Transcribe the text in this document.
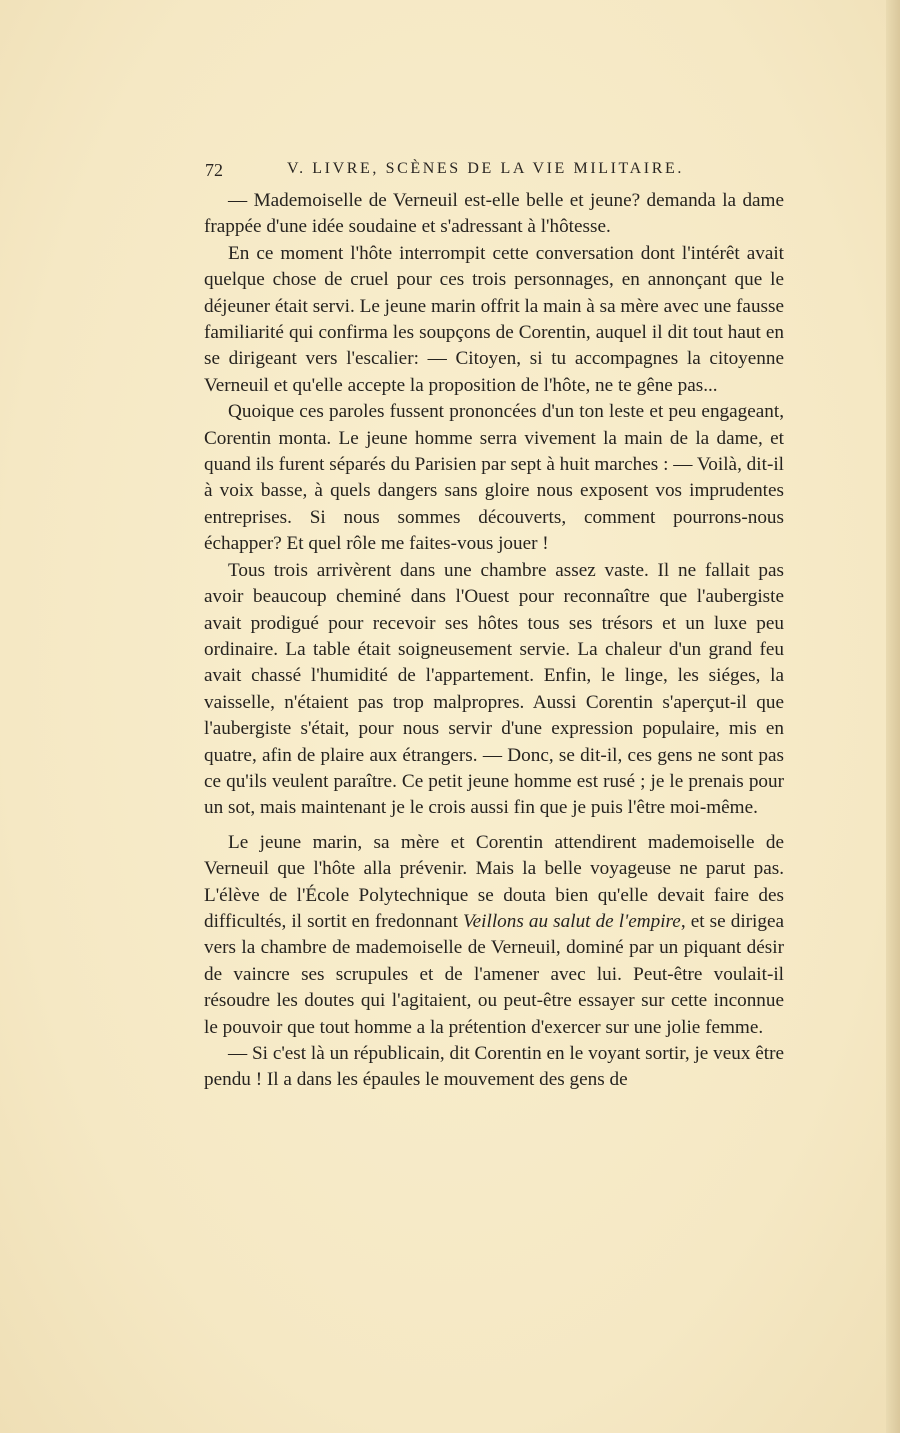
72	V. LIVRE, SCÈNES DE LA VIE MILITAIRE.

— Mademoiselle de Verneuil est-elle belle et jeune? demanda la dame frappée d'une idée soudaine et s'adressant à l'hôtesse.

En ce moment l'hôte interrompit cette conversation dont l'intérêt avait quelque chose de cruel pour ces trois personnages, en annonçant que le déjeuner était servi. Le jeune marin offrit la main à sa mère avec une fausse familiarité qui confirma les soupçons de Corentin, auquel il dit tout haut en se dirigeant vers l'escalier: — Citoyen, si tu accompagnes la citoyenne Verneuil et qu'elle accepte la proposition de l'hôte, ne te gêne pas...

Quoique ces paroles fussent prononcées d'un ton leste et peu engageant, Corentin monta. Le jeune homme serra vivement la main de la dame, et quand ils furent séparés du Parisien par sept à huit marches : — Voilà, dit-il à voix basse, à quels dangers sans gloire nous exposent vos imprudentes entreprises. Si nous sommes découverts, comment pourrons-nous échapper? Et quel rôle me faites-vous jouer !

Tous trois arrivèrent dans une chambre assez vaste. Il ne fallait pas avoir beaucoup cheminé dans l'Ouest pour reconnaître que l'aubergiste avait prodigué pour recevoir ses hôtes tous ses trésors et un luxe peu ordinaire. La table était soigneusement servie. La chaleur d'un grand feu avait chassé l'humidité de l'appartement. Enfin, le linge, les siéges, la vaisselle, n'étaient pas trop malpropres. Aussi Corentin s'aperçut-il que l'aubergiste s'était, pour nous servir d'une expression populaire, mis en quatre, afin de plaire aux étrangers. — Donc, se dit-il, ces gens ne sont pas ce qu'ils veulent paraître. Ce petit jeune homme est rusé ; je le prenais pour un sot, mais maintenant je le crois aussi fin que je puis l'être moi-même.

Le jeune marin, sa mère et Corentin attendirent mademoiselle de Verneuil que l'hôte alla prévenir. Mais la belle voyageuse ne parut pas. L'élève de l'École Polytechnique se douta bien qu'elle devait faire des difficultés, il sortit en fredonnant Veillons au salut de l'empire, et se dirigea vers la chambre de mademoiselle de Verneuil, dominé par un piquant désir de vaincre ses scrupules et de l'amener avec lui. Peut-être voulait-il résoudre les doutes qui l'agitaient, ou peut-être essayer sur cette inconnue le pouvoir que tout homme a la prétention d'exercer sur une jolie femme.

— Si c'est là un républicain, dit Corentin en le voyant sortir, je veux être pendu ! Il a dans les épaules le mouvement des gens de
